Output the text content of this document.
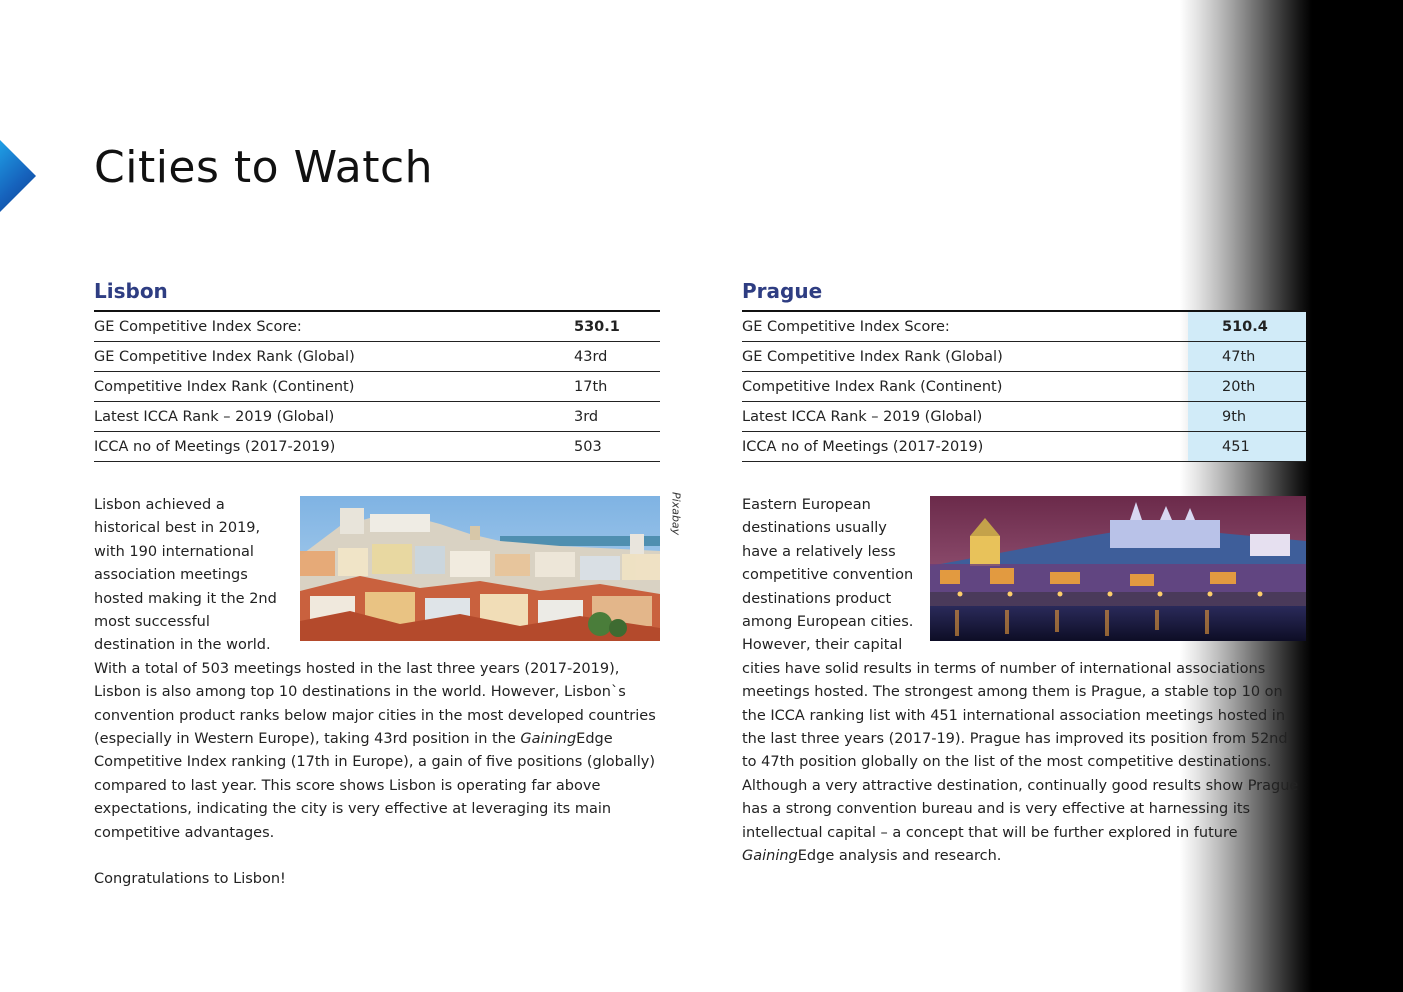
Cities to Watch
Lisbon
GE Competitive Index Score:	530.1
GE Competitive Index Rank (Global)	43rd
Competitive Index Rank (Continent)	17th
Latest ICCA Rank – 2019 (Global)	3rd
ICCA no of Meetings (2017-2019)	503
Pixabay

Lisbon achieved a historical best in 2019, with 190 international association meetings hosted making it the 2nd most successful destination in the world. With a total of 503 meetings hosted in the last three years (2017-2019), Lisbon is also among top 10 destinations in the world. However, Lisbon`s convention product ranks below major cities in the most developed countries (especially in Western Europe), taking 43rd position in the GainingEdge Competitive Index ranking (17th in Europe), a gain of five positions (globally) compared to last year. This score shows Lisbon is operating far above expectations, indicating the city is very effective at leveraging its main competitive advantages.

Congratulations to Lisbon!

Prague
GE Competitive Index Score:	510.4
GE Competitive Index Rank (Global)	47th
Competitive Index Rank (Continent)	20th
Latest ICCA Rank – 2019 (Global)	9th
ICCA no of Meetings (2017-2019)	451

Eastern European destinations usually have a relatively less competitive convention destinations product among European cities. However, their capital cities have solid results in terms of number of international associations meetings hosted. The strongest among them is Prague, a stable top 10 on the ICCA ranking list with 451 international association meetings hosted in the last three years (2017-19). Prague has improved its position from 52nd to 47th position globally on the list of the most competitive destinations. Although a very attractive destination, continually good results show Prague has a strong convention bureau and is very effective at harnessing its intellectual capital – a concept that will be further explored in future GainingEdge analysis and research.
